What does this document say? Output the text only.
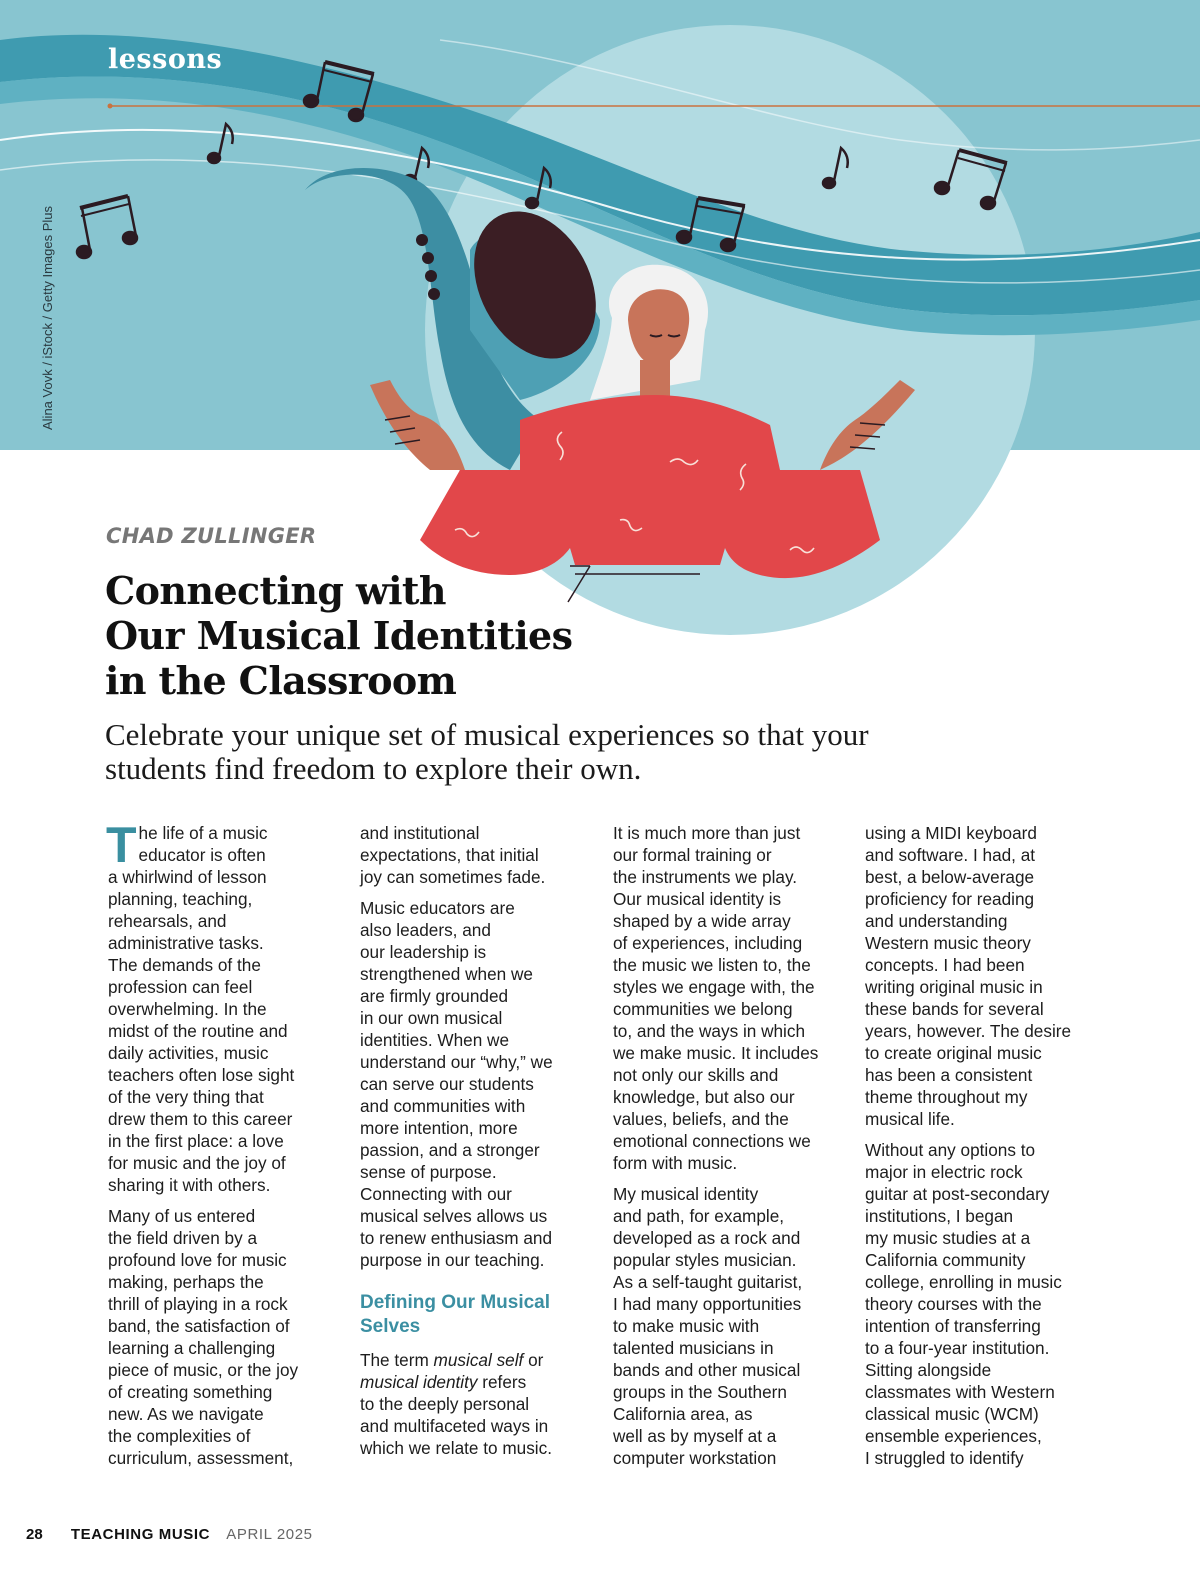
lessons
Alina Vovk / iStock / Getty Images Plus
CHAD ZULLINGER
Connecting with
Our Musical Identities
in the Classroom

Celebrate your unique set of musical experiences so that your
students find freedom to explore their own.

T he life of a music
educator is often
a whirlwind of lesson
planning, teaching,
rehearsals, and
administrative tasks.
The demands of the
profession can feel
overwhelming. In the
midst of the routine and
daily activities, music
teachers often lose sight
of the very thing that
drew them to this career
in the first place: a love
for music and the joy of
sharing it with others.

Many of us entered
the field driven by a
profound love for music
making, perhaps the
thrill of playing in a rock
band, the satisfaction of
learning a challenging
piece of music, or the joy
of creating something
new. As we navigate
the complexities of
curriculum, assessment,

and institutional
expectations, that initial
joy can sometimes fade.

Music educators are
also leaders, and
our leadership is
strengthened when we
are firmly grounded
in our own musical
identities. When we
understand our “why,” we
can serve our students
and communities with
more intention, more
passion, and a stronger
sense of purpose.
Connecting with our
musical selves allows us
to renew enthusiasm and
purpose in our teaching.

Defining Our Musical
Selves

The term musical self or
musical identity refers
to the deeply personal
and multifaceted ways in
which we relate to music.

It is much more than just
our formal training or
the instruments we play.
Our musical identity is
shaped by a wide array
of experiences, including
the music we listen to, the
styles we engage with, the
communities we belong
to, and the ways in which
we make music. It includes
not only our skills and
knowledge, but also our
values, beliefs, and the
emotional connections we
form with music.

My musical identity
and path, for example,
developed as a rock and
popular styles musician.
As a self-taught guitarist,
I had many opportunities
to make music with
talented musicians in
bands and other musical
groups in the Southern
California area, as
well as by myself at a
computer workstation

using a MIDI keyboard
and software. I had, at
best, a below-average
proficiency for reading
and understanding
Western music theory
concepts. I had been
writing original music in
these bands for several
years, however. The desire
to create original music
has been a consistent
theme throughout my
musical life.

Without any options to
major in electric rock
guitar at post-secondary
institutions, I began
my music studies at a
California community
college, enrolling in music
theory courses with the
intention of transferring
to a four-year institution.
Sitting alongside
classmates with Western
classical music (WCM)
ensemble experiences,
I struggled to identify

28 TEACHING MUSIC APRIL 2025
